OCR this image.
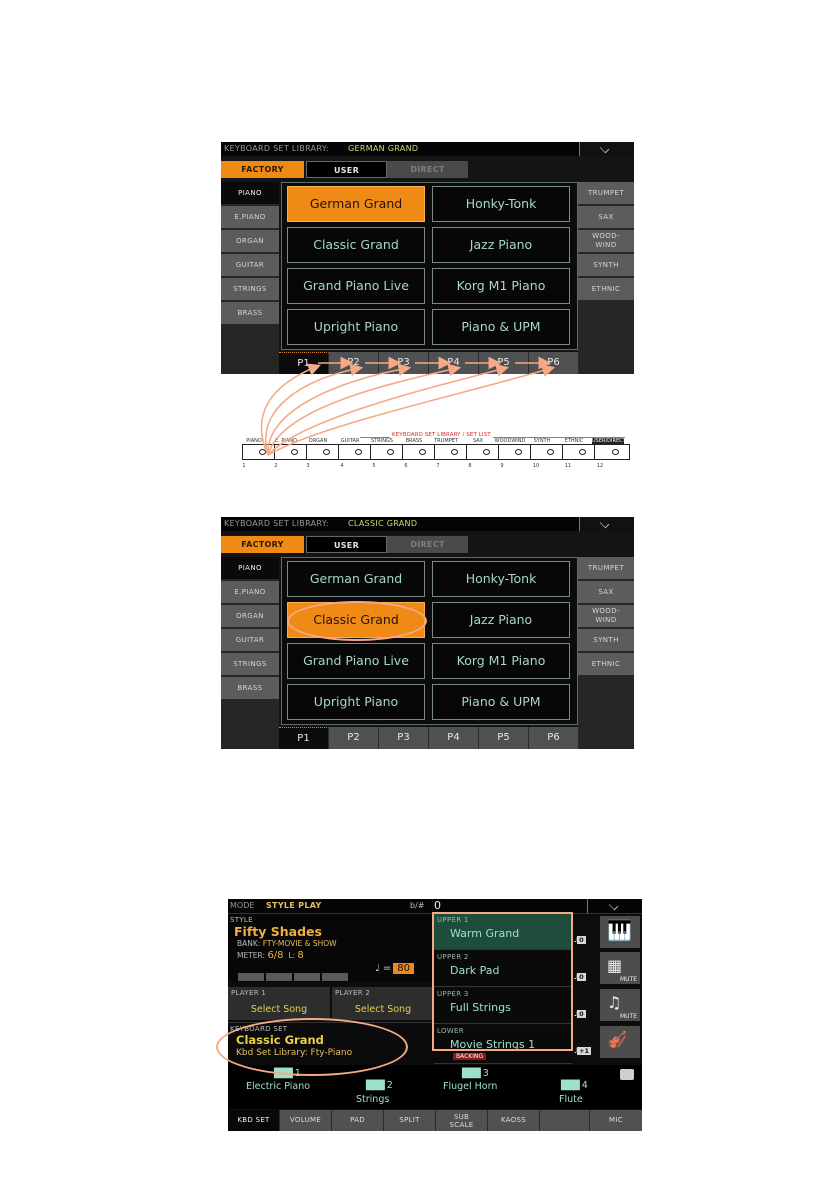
KEYBOARD SET LIBRARY: GERMAN GRAND
FACTORY	USER	DIRECT
PIANO
E.PIANO
ORGAN
GUITAR
STRINGS
BRASS
German Grand	Honky-Tonk
Classic Grand	Jazz Piano
Grand Piano Live	Korg M1 Piano
Upright Piano	Piano & UPM
TRUMPET
SAX
WOOD-
WIND
SYNTH
ETHNIC
P1	P2	P3	P4	P5	P6
KEYBOARD SET LIBRARY / SET LIST
PIANO	E. PIANO	ORGAN	GUITAR	STRINGS	BRASS	TRUMPET	SAX	WOODWIND	SYNTH	ETHNIC	USER/DIRECT
1	2	3	4	5	6	7	8	9	10	11	12
KEYBOARD SET LIBRARY: CLASSIC GRAND
FACTORY	USER	DIRECT
PIANO
E.PIANO
ORGAN
GUITAR
STRINGS
BRASS
German Grand	Honky-Tonk
Classic Grand	Jazz Piano
Grand Piano Live	Korg M1 Piano
Upright Piano	Piano & UPM
TRUMPET
SAX
WOOD-
WIND
SYNTH
ETHNIC
P1	P2	P3	P4	P5	P6
MODE STYLE PLAY	b/# 0
STYLE
Fifty Shades
BANK: FTY-MOVIE & SHOW
METER: 6/8 L: 8
♩ = 80
PLAYER 1
Select Song
PLAYER 2
Select Song
KEYBOARD SET
Classic Grand
Kbd Set Library: Fty-Piano
UPPER 1
Warm Grand
UPPER 2
Dark Pad
UPPER 3
Full Strings
LOWER
Movie Strings 1
BACKING
♩ 0
♩ 0
♩ 0
♩ +1
🎹
▦
MUTE
♫
MUTE
🎻
███ 1
Electric Piano	███ 2
Strings
███ 3
Flugel Horn	███ 4
Flute
KBD SET	VOLUME	PAD	SPLIT	SUB
SCALE
KAOSS	MIC
